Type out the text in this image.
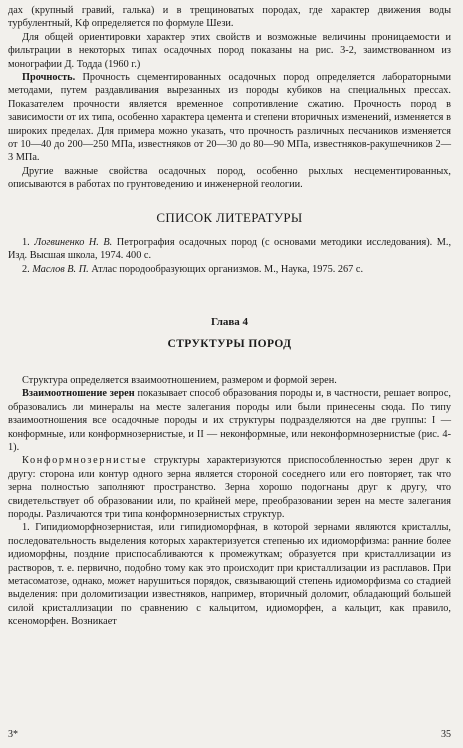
дах (крупный гравий, галька) и в трещиноватых породах, где характер движения воды турбулентный, Kф определяется по формуле Шези.

Для общей ориентировки характер этих свойств и возможные величины проницаемости и фильтрации в некоторых типах осадочных пород показаны на рис. 3-2, заимствованном из монографии Д. Тодда (1960 г.)

Прочность. Прочность сцементированных осадочных пород определяется лабораторными методами, путем раздавливания вырезанных из породы кубиков на специальных прессах. Показателем прочности является временное сопротивление сжатию. Прочность пород в зависимости от их типа, особенно характера цемента и степени вторичных изменений, изменяется в широких пределах. Для примера можно указать, что прочность различных песчаников изменяется от 10—40 до 200—250 МПа, известняков от 20—30 до 80—90 МПа, известняков-ракушечников 2—3 МПа.

Другие важные свойства осадочных пород, особенно рыхлых несцементированных, описываются в работах по грунтоведению и инженерной геологии.

СПИСОК ЛИТЕРАТУРЫ

1. Логвиненко Н. В. Петрография осадочных пород (с основами методики исследования). М., Изд. Высшая школа, 1974. 400 с.

2. Маслов В. П. Атлас породообразующих организмов. М., Наука, 1975. 267 с.

Глава 4
СТРУКТУРЫ ПОРОД

Структура определяется взаимоотношением, размером и формой зерен.

Взаимоотношение зерен показывает способ образования породы и, в частности, решает вопрос, образовались ли минералы на месте залегания породы или были принесены сюда. По типу взаимоотношения все осадочные породы и их структуры подразделяются на две группы: I — конформные, или конформнозернистые, и II — неконформные, или неконформнозернистые (рис. 4-1).

Конформнозернистые структуры характеризуются приспособленностью зерен друг к другу: сторона или контур одного зерна является стороной соседнего или его повторяет, так что зерна полностью заполняют пространство. Зерна хорошо подогнаны друг к другу, что свидетельствует об образовании или, по крайней мере, преобразовании зерен на месте залегания породы. Различаются три типа конформнозернистых структур.

1. Гипидиоморфнозернистая, или гипидиоморфная, в которой зернами являются кристаллы, последовательность выделения которых характеризуется степенью их идиоморфизма: ранние более идиоморфны, поздние приспосабливаются к промежуткам; образуется при кристаллизации из растворов, т. е. первично, подобно тому как это происходит при кристаллизации из расплавов. При метасоматозе, однако, может нарушиться порядок, связывающий степень идиоморфизма со стадией выделения: при доломитизации известняков, например, вторичный доломит, обладающий большей силой кристаллизации по сравнению с кальцитом, идиоморфен, а кальцит, как правило, ксеноморфен. Возникает

3*	35
